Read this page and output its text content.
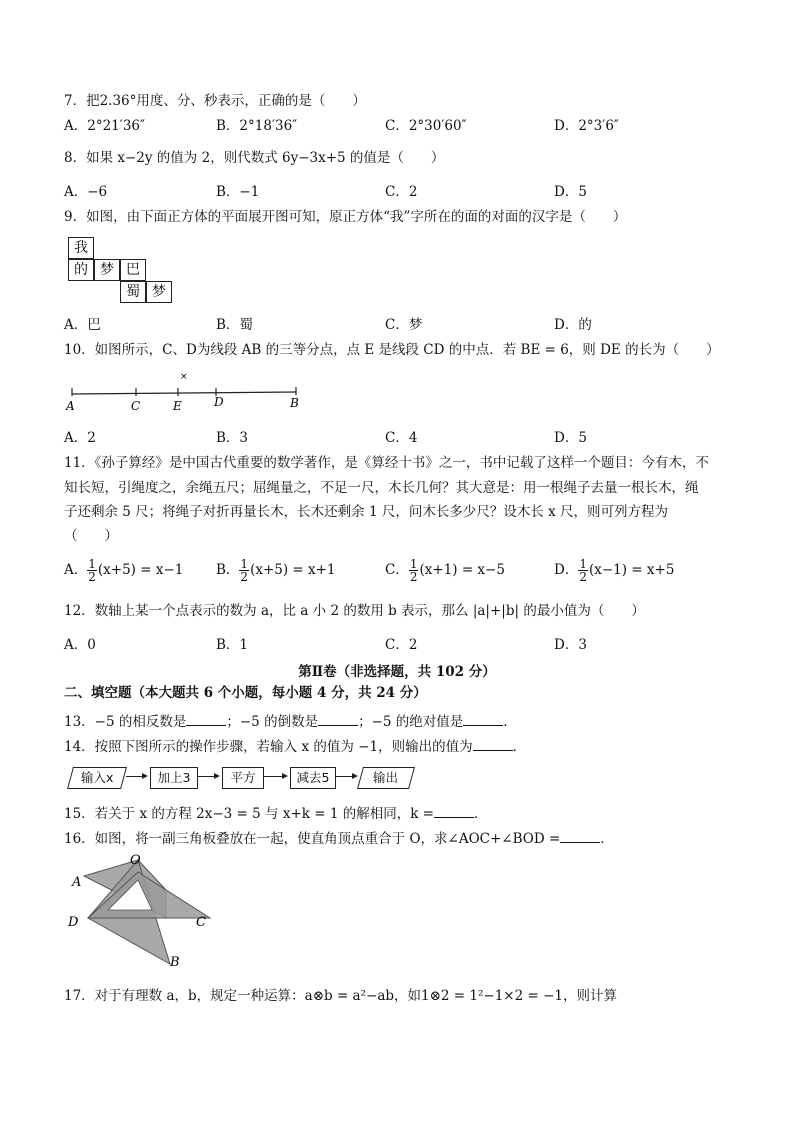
7．把2.36°用度、分、秒表示，正确的是（　　）
A．2°21′36″	B．2°18′36″	C．2°30′60″	D．2°3′6″
8．如果 x−2y 的值为 2，则代数式 6y−3x+5 的值是（　　）
A．−6	B．−1	C．2	D．5
9．如图，由下面正方体的平面展开图可知，原正方体“我”字所在的面的对面的汉字是（　　）
我
的 梦 巴
蜀 梦
A．巴	B．蜀	C．梦	D．的
10．如图所示，C、D为线段 AB 的三等分点，点 E 是线段 CD 的中点．若 BE = 6，则 DE 的长为（　　）
×
A	C	E	D	B
A．2	B．3	C．4	D．5
11．《孙子算经》是中国古代重要的数学著作，是《算经十书》之一，书中记载了这样一个题目：今有木，不
知长短，引绳度之，余绳五尺；屈绳量之，不足一尺，木长几何？其大意是：用一根绳子去量一根长木，绳
子还剩余 5 尺；将绳子对折再量长木，长木还剩余 1 尺，问木长多少尺？设木长 x 尺，则可列方程为
（　　）
A． $\frac{1}{2} (x+5) = x-1$ B． $\frac{1}{2} (x+5) = x+1$	C． $\frac{1}{2} (x+1) = x-5$	D． $\frac{1}{2} (x-1) = x+5$
12．数轴上某一个点表示的数为 a，比 a 小 2 的数用 b 表示，那么 |a|+|b| 的最小值为（　　）
A．0	B．1	C．2	D．3
第Ⅱ卷（非选择题，共 102 分）
二、填空题（本大题共 6 个小题，每小题 4 分，共 24 分）
13．−5 的相反数是	；−5 的倒数是	；−5 的绝对值是	．
14．按照下图所示的操作步骤，若输入 x 的值为 −1，则输出的值为	．
输入x	加上3	平方	减去5	输出
15．若关于 x 的方程 2x−3 = 5 与 x+k = 1 的解相同，k =	．
16．如图，将一副三角板叠放在一起，使直角顶点重合于 O，求∠AOC+∠BOD =	．
O
A
D	C
B
17．对于有理数 a，b，规定一种运算：a⊗b = a²−ab，如1⊗2 = 1²−1×2 = −1，则计算
